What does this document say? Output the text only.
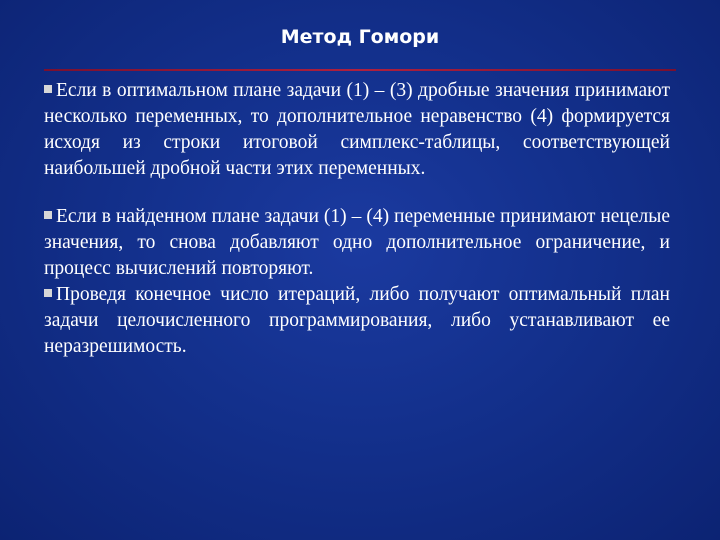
Метод Гомори

Если в оптимальном плане задачи (1) – (3) дробные значения принимают несколько переменных, то дополнительное неравенство (4) формируется исходя из строки итоговой симплекс-таблицы, соответствующей наибольшей дробной части этих переменных.

Если в найденном плане задачи (1) – (4) переменные принимают нецелые значения, то снова добавляют одно дополнительное ограничение, и процесс вычислений повторяют.

Проведя конечное число итераций, либо получают оптимальный план задачи целочисленного программирования, либо устанавливают ее неразрешимость.
